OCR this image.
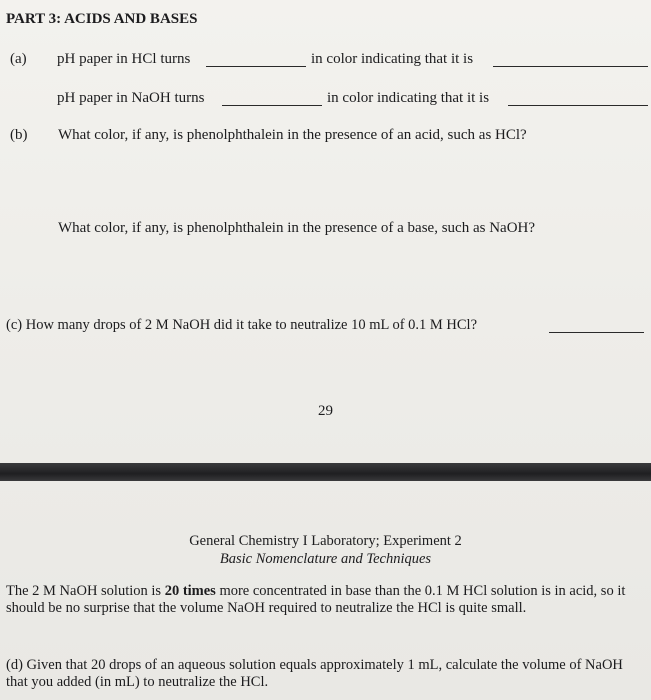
PART 3: ACIDS AND BASES
(a) pH paper in HCl turns	in color indicating that it is
pH paper in NaOH turns	in color indicating that it is
(b) What color, if any, is phenolphthalein in the presence of an acid, such as HCl?
What color, if any, is phenolphthalein in the presence of a base, such as NaOH?
(c) How many drops of 2 M NaOH did it take to neutralize 10 mL of 0.1 M HCl?
29
General Chemistry I Laboratory; Experiment 2
Basic Nomenclature and Techniques
The 2 M NaOH solution is 20 times more concentrated in base than the 0.1 M HCl solution is in acid, so it should be no surprise that the volume NaOH required to neutralize the HCl is quite small.
(d) Given that 20 drops of an aqueous solution equals approximately 1 mL, calculate the volume of NaOH that you added (in mL) to neutralize the HCl.
